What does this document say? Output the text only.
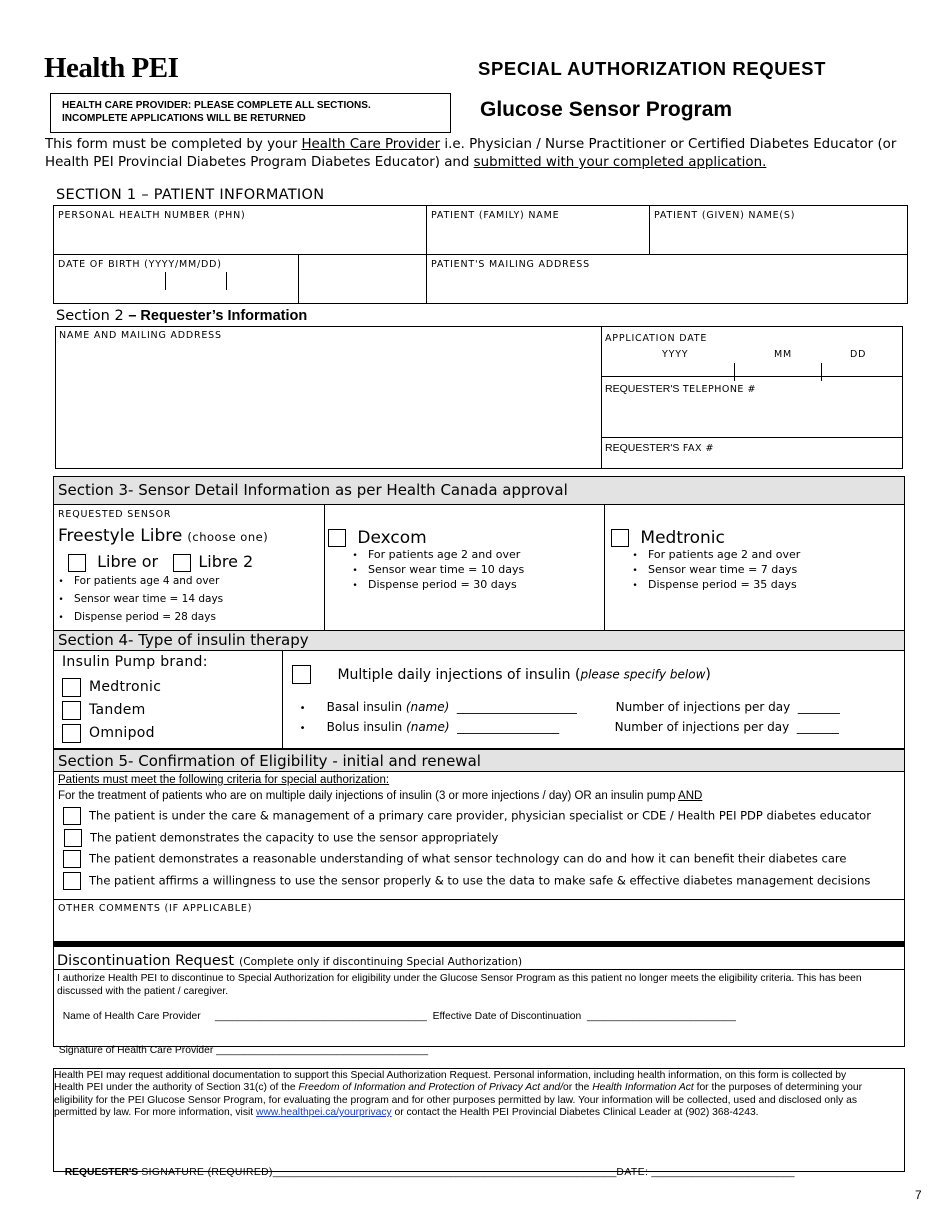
Health PEI	SPECIAL AUTHORIZATION REQUEST
Glucose Sensor Program
HEALTH CARE PROVIDER: PLEASE COMPLETE ALL SECTIONS.
INCOMPLETE APPLICATIONS WILL BE RETURNED
This form must be completed by your Health Care Provider i.e. Physician / Nurse Practitioner or Certified Diabetes Educator (or Health PEI Provincial Diabetes Program Diabetes Educator) and submitted with your completed application.
SECTION 1 – PATIENT INFORMATION
PERSONAL HEALTH NUMBER (PHN)	PATIENT (FAMILY) NAME	PATIENT (GIVEN) NAME(S)
DATE OF BIRTH (YYYY/MM/DD)	PATIENT'S MAILING ADDRESS
Section 2 – Requester’s Information
NAME AND MAILING ADDRESS	APPLICATION DATE
YYYY	MM	DD
REQUESTER'S TELEPHONE #
REQUESTER'S FAX #
Section 3- Sensor Detail Information as per Health Canada approval
REQUESTED SENSOR
Freestyle Libre (choose one)
Libre or	Libre 2
• For patients age 4 and over
• Sensor wear time = 14 days
• Dispense period = 28 days
Dexcom
• For patients age 2 and over
• Sensor wear time = 10 days
• Dispense period = 30 days
Medtronic
• For patients age 2 and over
• Sensor wear time = 7 days
• Dispense period = 35 days
Section 4- Type of insulin therapy
Insulin Pump brand:
Medtronic
Tandem
Omnipod
Multiple daily injections of insulin (please specify below)

• Basal insulin (name) ____________________	Number of injections per day _______

• Bolus insulin (name) _________________	Number of injections per day _______

Section 5- Confirmation of Eligibility - initial and renewal
Patients must meet the following criteria for special authorization:
For the treatment of patients who are on multiple daily injections of insulin (3 or more injections / day) OR an insulin pump AND
The patient is under the care & management of a primary care provider, physician specialist or CDE / Health PEI PDP diabetes educator
The patient demonstrates the capacity to use the sensor appropriately
The patient demonstrates a reasonable understanding of what sensor technology can do and how it can benefit their diabetes care
The patient affirms a willingness to use the sensor properly & to use the data to make safe & effective diabetes management decisions
OTHER COMMENTS (IF APPLICABLE)
Discontinuation Request (Complete only if discontinuing Special Authorization)
I authorize Health PEI to discontinue to Special Authorization for eligibility under the Glucose Sensor Program as this patient no longer meets the eligibility criteria. This has been discussed with the patient / caregiver.

Name of Health Care Provider _____________________________________ Effective Date of Discontinuation __________________________

Signature of Health Care Provider _____________________________________

Health PEI may request additional documentation to support this Special Authorization Request. Personal information, including health information, on this form is collected by Health PEI under the authority of Section 31(c) of the Freedom of Information and Protection of Privacy Act and/or the Health Information Act for the purposes of determining your eligibility for the PEI Glucose Sensor Program, for evaluating the program and for other purposes permitted by law. Your information will be collected, used and disclosed only as permitted by law. For more information, visit www.healthpei.ca/yourprivacy or contact the Health PEI Provincial Diabetes Clinical Leader at (902) 368-4243.

REQUESTER'S SIGNATURE (REQUIRED)____________________________________________________________DATE: _________________________

7
